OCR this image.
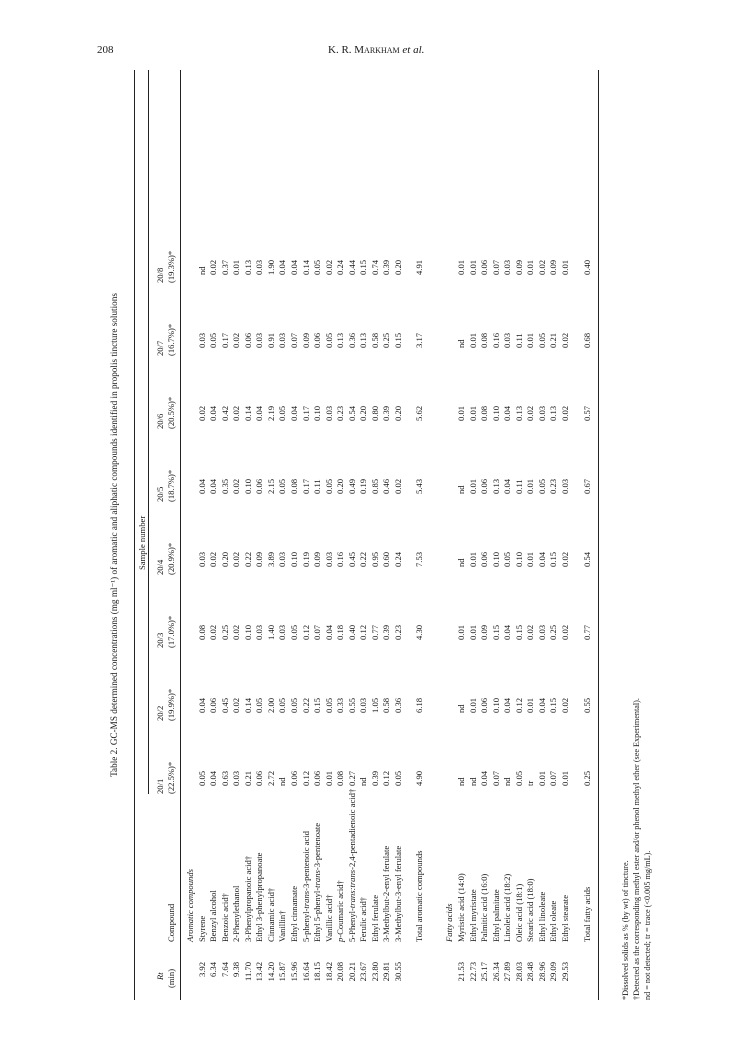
208	K. R. Markham et al.
Table 2. GC-MS determined concentrations (mg ml⁻¹) of aromatic and aliphatic compounds identified in propolis tincture solutions Sample number
Rt (min)
Compound
20/1 (22.5%)*
20/2 (19.9%)*
20/3 (17.0%)*
20/4 (20.9%)*
20/5 (18.7%)*
20/6 (20.5%)*
20/7 (16.7%)*
20/8 (19.3%)*
Aromatic compounds
3.92
Styrene
0.05
0.04
0.08
0.03
0.04
0.02
0.03
nd
6.34
Benzyl alcohol
0.04
0.06
0.02
0.02
0.04
0.04
0.05
0.02
7.64
Benzoic acid†
0.63
0.45
0.25
0.20
0.35
0.42
0.17
0.37
9.38
2-Phenylethanol
0.03
0.02
0.02
0.02
0.02
0.02
0.02
0.01
11.70
3-Phenylpropanoic acid†
0.21
0.14
0.10
0.22
0.10
0.14
0.06
0.13
13.42
Ethyl 3-phenylpropanoate
0.06
0.05
0.03
0.09
0.06
0.04
0.03
0.03
14.20
Cinnamic acid†
2.72
2.00
1.40
3.89
2.15
2.19
0.91
1.90
15.87
Vanillin†
nd
0.05
0.03
0.03
0.05
0.05
0.03
0.04
15.96
Ethyl cinnamate
0.06
0.05
0.05
0.10
0.08
0.04
0.07
0.04
16.64
5-phenyl-trans-3-pentenoic acid
0.12
0.22
0.12
0.19
0.17
0.17
0.09
0.14
18.15
Ethyl 5-phenyl-trans-3-pentenoate
0.06
0.15
0.07
0.09
0.11
0.10
0.06
0.05
18.42
Vanillic acid†
0.01
0.05
0.04
0.03
0.05
0.03
0.05
0.02
20.08
p-Coumaric acid†
0.08
0.33
0.18
0.16
0.20
0.23
0.13
0.24
20.21
5-Phenyl-trans:trans-2,4-pentadienoic acid†
0.27
0.55
0.40
0.45
0.49
0.54
0.36
0.44
23.67
Ferulic acid†
nd
0.03
0.12
0.22
0.19
0.20
0.13
0.15
23.80
Ethyl ferulate
0.39
1.05
0.77
0.95
0.85
0.80
0.58
0.74
29.81
3-Methylbut-2-enyl ferulate
0.12
0.58
0.39
0.60
0.46
0.39
0.25
0.39
30.55
3-Methylbut-3-enyl ferulate
0.05
0.36
0.23
0.24
0.02
0.20
0.15
0.20
Total aromatic compounds
4.90
6.18
4.30
7.53
5.43
5.62
3.17
4.91
Fatty acids
21.53
Myristic acid (14:0)
nd
nd
0.01
nd
nd
0.01
nd
0.01
22.73
Ethyl myristate
nd
0.01
0.01
0.01
0.01
0.01
0.01
0.01
25.17
Palmitic acid (16:0)
0.04
0.06
0.09
0.06
0.06
0.08
0.08
0.06
26.34
Ethyl palmitate
0.07
0.10
0.15
0.10
0.13
0.10
0.16
0.07
27.89
Linoleic acid (18:2)
nd
0.04
0.04
0.05
0.04
0.04
0.03
0.03
28.03
Oleic acid (18:1)
0.05
0.12
0.15
0.10
0.11
0.13
0.11
0.09
28.48
Stearic acid (18:0)
tr
0.01
0.02
0.01
0.01
0.02
0.01
0.01
28.96
Ethyl linoleate
0.01
0.04
0.03
0.04
0.05
0.03
0.05
0.02
29.09
Ethyl oleate
0.07
0.15
0.25
0.15
0.23
0.13
0.21
0.09
29.53
Ethyl stearate
0.01
0.02
0.02
0.02
0.03
0.02
0.02
0.01
Total fatty acids
0.25
0.55
0.77
0.54
0.67
0.57
0.68
0.40
*Dissolved solids as % (by wt) of tincture. †Detected as the corresponding methyl ester and/or phenol methyl ether (see Experimental). nd = not detected; tr = trace (<0.005 mg/mL).
